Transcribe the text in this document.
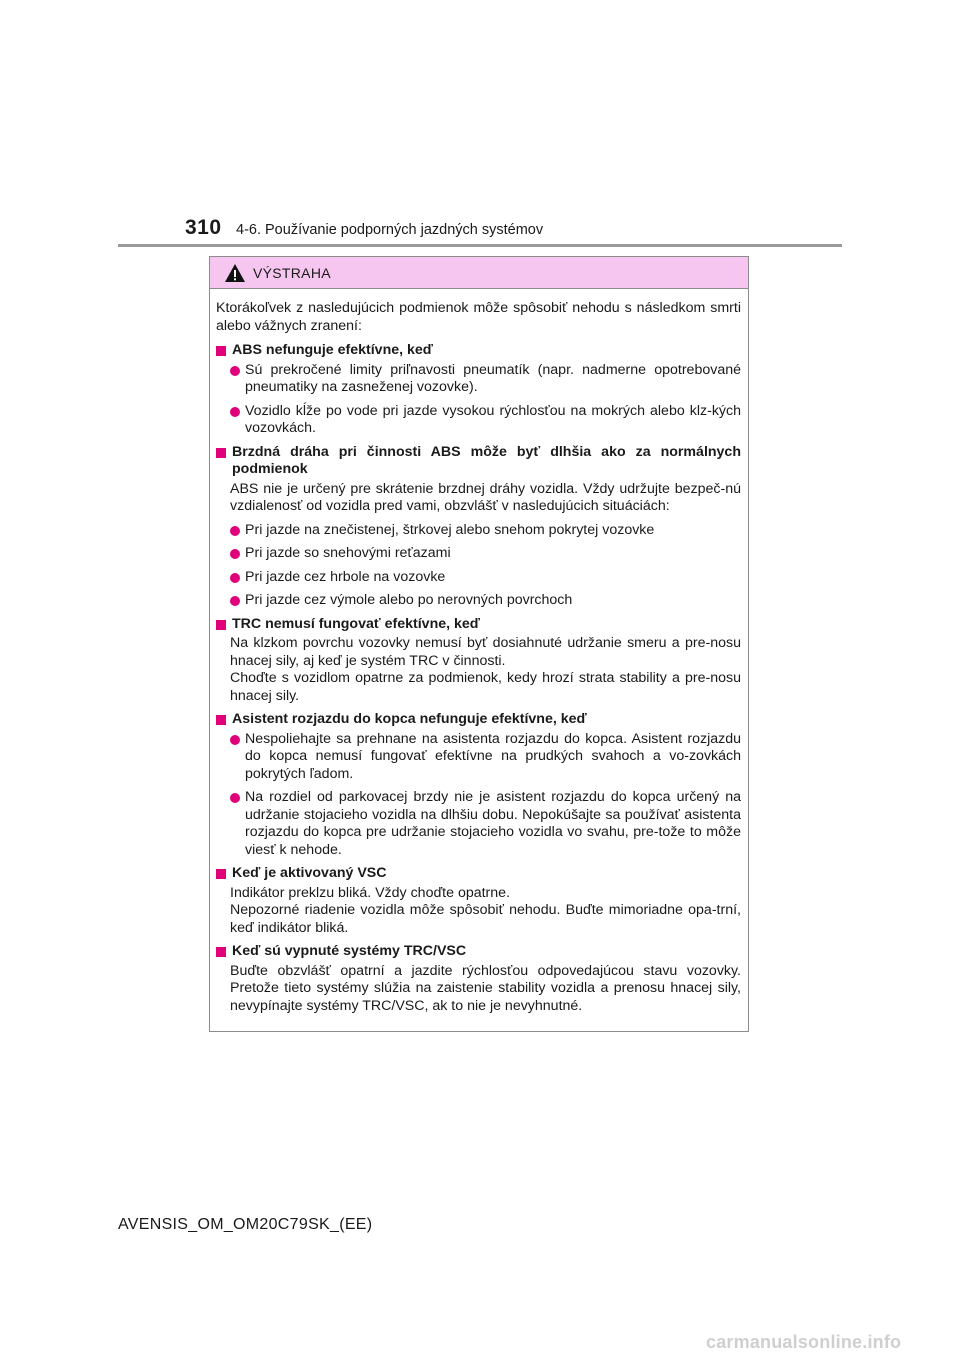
310 4-6. Používanie podporných jazdných systémov
VÝSTRAHA

Ktorákoľvek z nasledujúcich podmienok môže spôsobiť nehodu s následkom smrti alebo vážnych zranení:

ABS nefunguje efektívne, keď
Sú prekročené limity priľnavosti pneumatík (napr. nadmerne opotrebované pneumatiky na zasneženej vozovke).
Vozidlo kĺže po vode pri jazde vysokou rýchlosťou na mokrých alebo klz-kých vozovkách.
Brzdná dráha pri činnosti ABS môže byť dlhšia ako za normálnych podmienok

ABS nie je určený pre skrátenie brzdnej dráhy vozidla. Vždy udržujte bezpeč-nú vzdialenosť od vozidla pred vami, obzvlášť v nasledujúcich situáciách:

Pri jazde na znečistenej, štrkovej alebo snehom pokrytej vozovke
Pri jazde so snehovými reťazami
Pri jazde cez hrbole na vozovke
Pri jazde cez výmole alebo po nerovných povrchoch
TRC nemusí fungovať efektívne, keď

Na klzkom povrchu vozovky nemusí byť dosiahnuté udržanie smeru a pre-nosu hnacej sily, aj keď je systém TRC v činnosti.

Choďte s vozidlom opatrne za podmienok, kedy hrozí strata stability a pre-nosu hnacej sily.

Asistent rozjazdu do kopca nefunguje efektívne, keď
Nespoliehajte sa prehnane na asistenta rozjazdu do kopca. Asistent rozjazdu do kopca nemusí fungovať efektívne na prudkých svahoch a vo-zovkách pokrytých ľadom.
Na rozdiel od parkovacej brzdy nie je asistent rozjazdu do kopca určený na udržanie stojacieho vozidla na dlhšiu dobu. Nepokúšajte sa používať asistenta rozjazdu do kopca pre udržanie stojacieho vozidla vo svahu, pre-tože to môže viesť k nehode.
Keď je aktivovaný VSC

Indikátor preklzu bliká. Vždy choďte opatrne.

Nepozorné riadenie vozidla môže spôsobiť nehodu. Buďte mimoriadne opa-trní, keď indikátor bliká.

Keď sú vypnuté systémy TRC/VSC

Buďte obzvlášť opatrní a jazdite rýchlosťou odpovedajúcou stavu vozovky. Pretože tieto systémy slúžia na zaistenie stability vozidla a prenosu hnacej sily, nevypínajte systémy TRC/VSC, ak to nie je nevyhnutné.

AVENSIS_OM_OM20C79SK_(EE)
carmanualsonline.info
